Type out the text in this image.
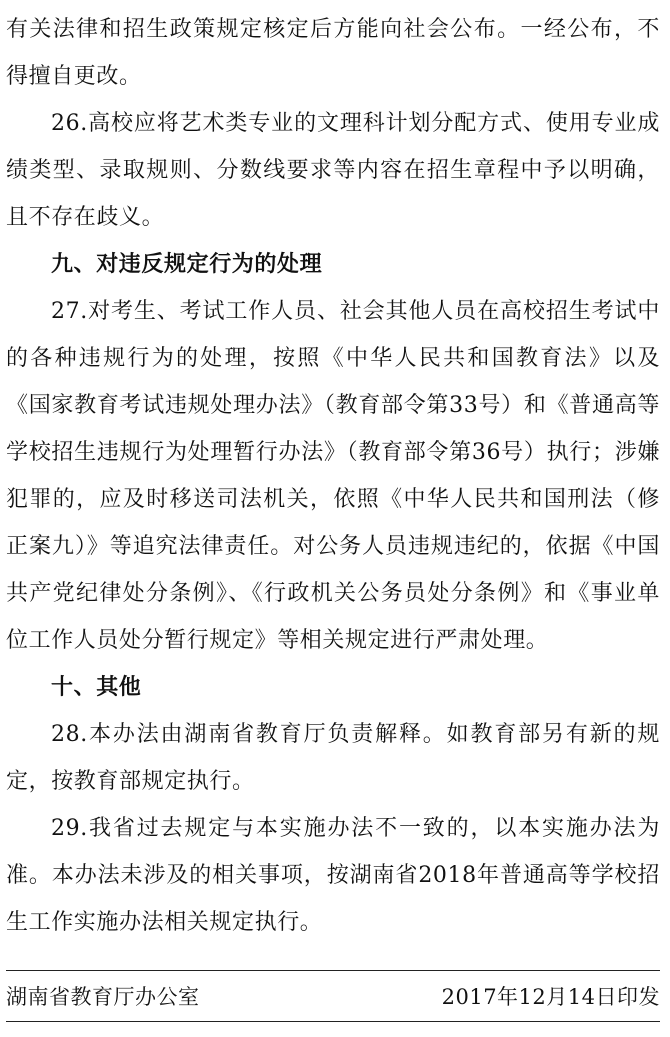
有关法律和招生政策规定核定后方能向社会公布。一经公布，不得擅自更改。

26.高校应将艺术类专业的文理科计划分配方式、使用专业成绩类型、录取规则、分数线要求等内容在招生章程中予以明确，且不存在歧义。

九、对违反规定行为的处理

27.对考生、考试工作人员、社会其他人员在高校招生考试中的各种违规行为的处理，按照《中华人民共和国教育法》以及《国家教育考试违规处理办法》（教育部令第33号）和《普通高等学校招生违规行为处理暂行办法》（教育部令第36号）执行；涉嫌犯罪的，应及时移送司法机关，依照《中华人民共和国刑法（修正案九）》等追究法律责任。对公务人员违规违纪的，依据《中国共产党纪律处分条例》、《行政机关公务员处分条例》和《事业单位工作人员处分暂行规定》等相关规定进行严肃处理。

十、其他

28.本办法由湖南省教育厅负责解释。如教育部另有新的规定，按教育部规定执行。

29.我省过去规定与本实施办法不一致的，以本实施办法为准。本办法未涉及的相关事项，按湖南省2018年普通高等学校招生工作实施办法相关规定执行。

湖南省教育厅办公室	2017年12月14日印发
